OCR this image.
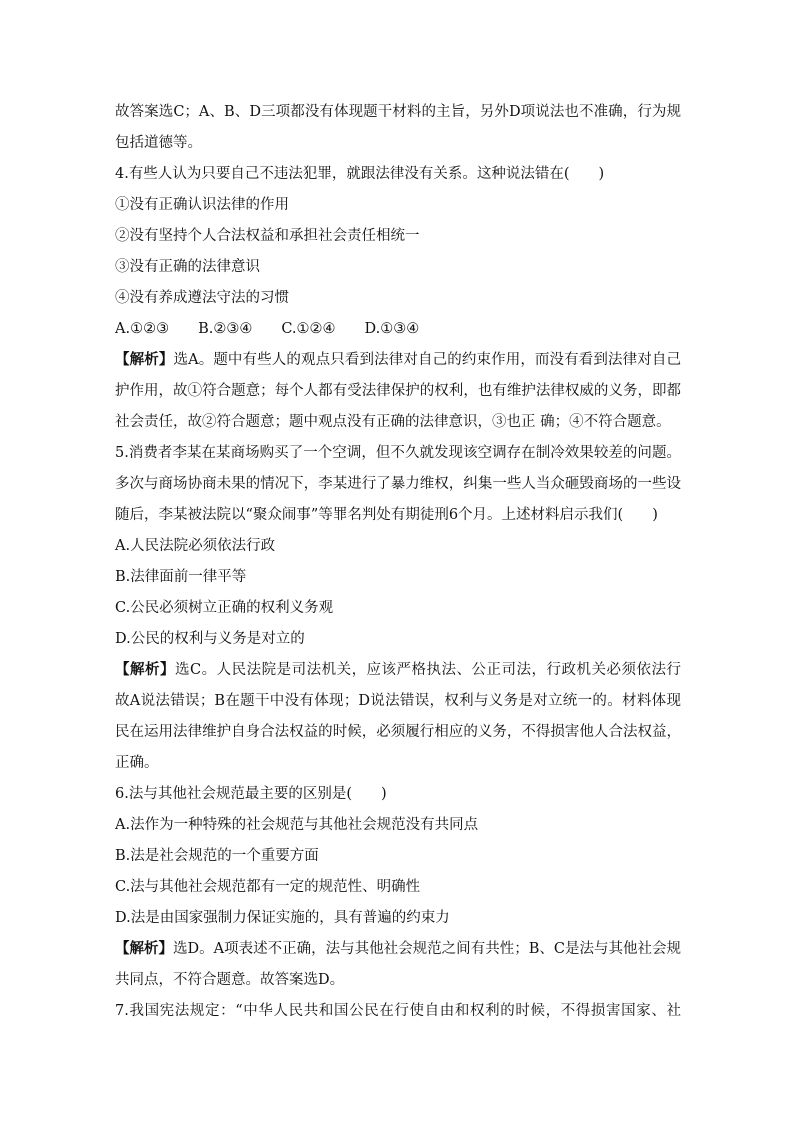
故答案选C；A、B、D三项都没有体现题干材料的主旨，另外D项说法也不准确，行为规
包括道德等。
4.有些人认为只要自己不违法犯罪，就跟法律没有关系。这种说法错在(　　)
①没有正确认识法律的作用
②没有坚持个人合法权益和承担社会责任相统一
③没有正确的法律意识
④没有养成遵法守法的习惯
A.①②③　　B.②③④　　C.①②④　　D.①③④
【解析】选A。题中有些人的观点只看到法律对自己的约束作用，而没有看到法律对自己
护作用，故①符合题意；每个人都有受法律保护的权利，也有维护法律权威的义务，即都
社会责任，故②符合题意；题中观点没有正确的法律意识，③也正 确；④不符合题意。
5.消费者李某在某商场购买了一个空调，但不久就发现该空调存在制冷效果较差的问题。
多次与商场协商未果的情况下，李某进行了暴力维权，纠集一些人当众砸毁商场的一些设
随后，李某被法院以“聚众闹事”等罪名判处有期徒刑6个月。上述材料启示我们(　　)
A.人民法院必须依法行政
B.法律面前一律平等
C.公民必须树立正确的权利义务观
D.公民的权利与义务是对立的
【解析】选C。人民法院是司法机关，应该严格执法、公正司法，行政机关必须依法行
故A说法错误；B在题干中没有体现；D说法错误，权利与义务是对立统一的。材料体现
民在运用法律维护自身合法权益的时候，必须履行相应的义务，不得损害他人合法权益，
正确。
6.法与其他社会规范最主要的区别是(　　)
A.法作为一种特殊的社会规范与其他社会规范没有共同点
B.法是社会规范的一个重要方面
C.法与其他社会规范都有一定的规范性、明确性
D.法是由国家强制力保证实施的，具有普遍的约束力
【解析】选D。A项表述不正确，法与其他社会规范之间有共性；B、C是法与其他社会规
共同点，不符合题意。故答案选D。
7.我国宪法规定：“中华人民共和国公民在行使自由和权利的时候，不得损害国家、社
